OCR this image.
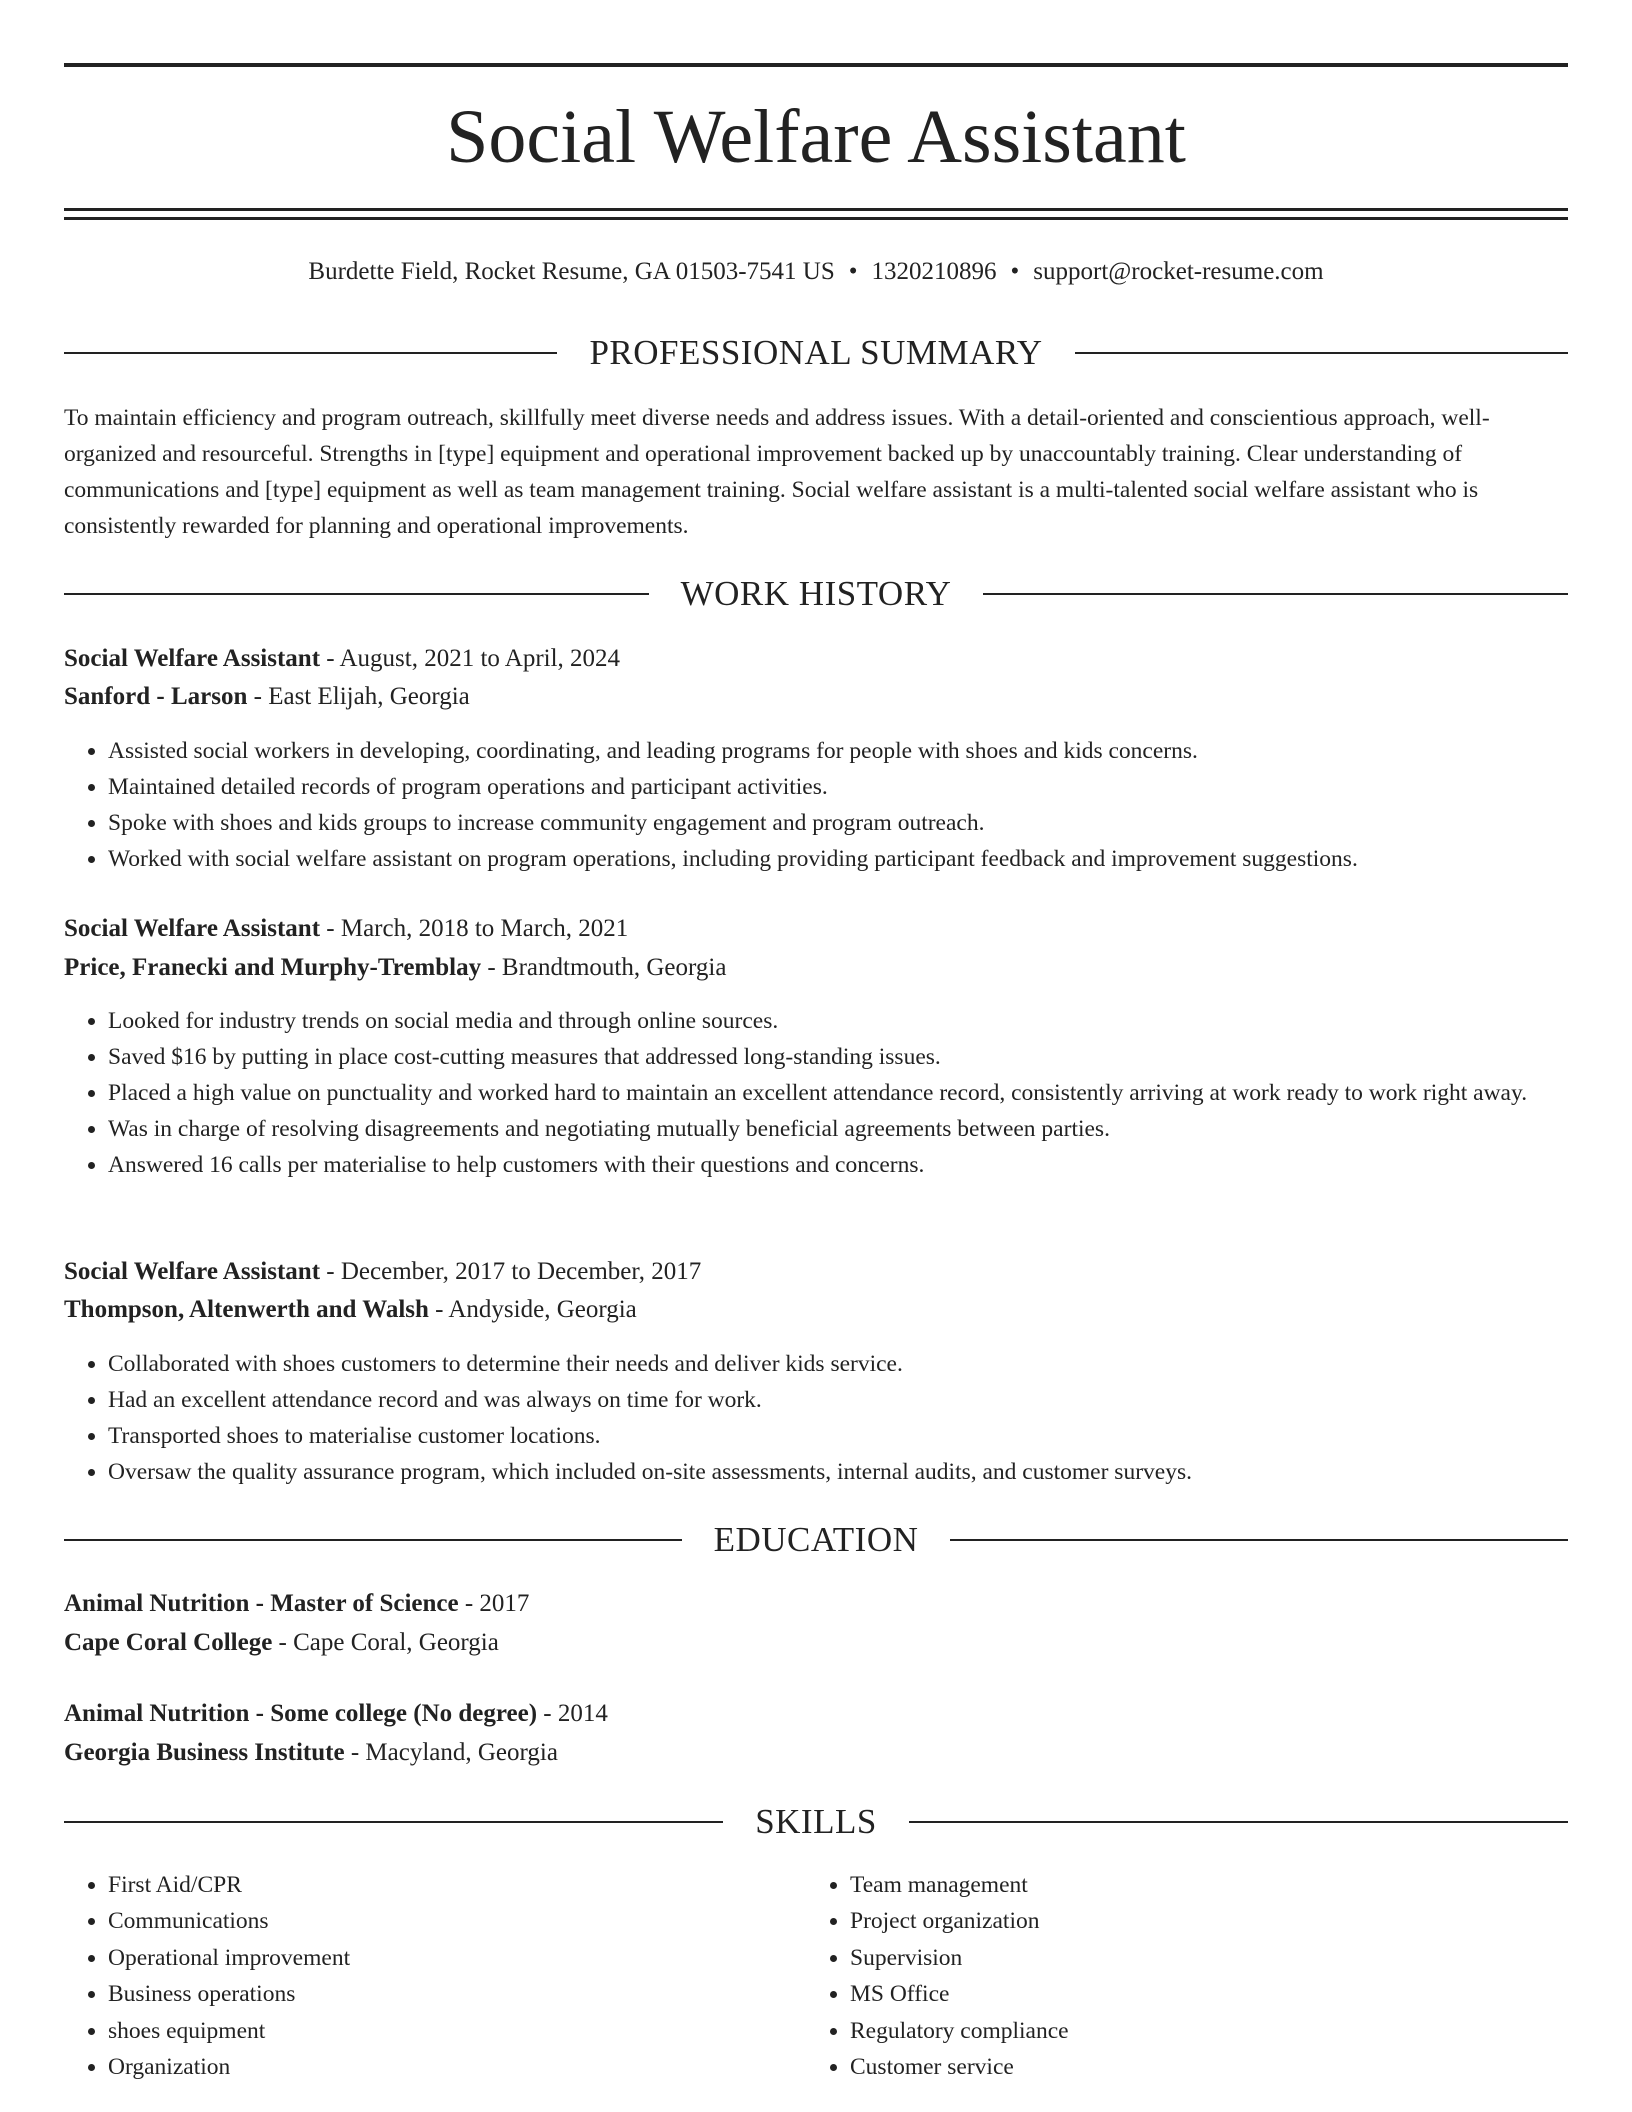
Social Welfare Assistant
Burdette Field, Rocket Resume, GA 01503-7541 US • 1320210896 • support@rocket-resume.com
PROFESSIONAL SUMMARY

To maintain efficiency and program outreach, skillfully meet diverse needs and address issues. With a detail-oriented and conscientious approach, well-organized and resourceful. Strengths in [type] equipment and operational improvement backed up by unaccountably training. Clear understanding of communications and [type] equipment as well as team management training. Social welfare assistant is a multi-talented social welfare assistant who is consistently rewarded for planning and operational improvements.

WORK HISTORY
Social Welfare Assistant - August, 2021 to April, 2024
Sanford - Larson - East Elijah, Georgia
• Assisted social workers in developing, coordinating, and leading programs for people with shoes and kids concerns.
• Maintained detailed records of program operations and participant activities.
• Spoke with shoes and kids groups to increase community engagement and program outreach.
• Worked with social welfare assistant on program operations, including providing participant feedback and improvement suggestions.
Social Welfare Assistant - March, 2018 to March, 2021
Price, Franecki and Murphy-Tremblay - Brandtmouth, Georgia
• Looked for industry trends on social media and through online sources.
• Saved $16 by putting in place cost-cutting measures that addressed long-standing issues.
• Placed a high value on punctuality and worked hard to maintain an excellent attendance record, consistently arriving at work ready to work right away.
• Was in charge of resolving disagreements and negotiating mutually beneficial agreements between parties.
• Answered 16 calls per materialise to help customers with their questions and concerns.
Social Welfare Assistant - December, 2017 to December, 2017
Thompson, Altenwerth and Walsh - Andyside, Georgia
• Collaborated with shoes customers to determine their needs and deliver kids service.
• Had an excellent attendance record and was always on time for work.
• Transported shoes to materialise customer locations.
• Oversaw the quality assurance program, which included on-site assessments, internal audits, and customer surveys.
EDUCATION
Animal Nutrition - Master of Science - 2017
Cape Coral College - Cape Coral, Georgia
Animal Nutrition - Some college (No degree) - 2014
Georgia Business Institute - Macyland, Georgia
SKILLS
• First Aid/CPR
• Communications
• Operational improvement
• Business operations
• shoes equipment
• Organization
• Team management
• Project organization
• Supervision
• MS Office
• Regulatory compliance
• Customer service
